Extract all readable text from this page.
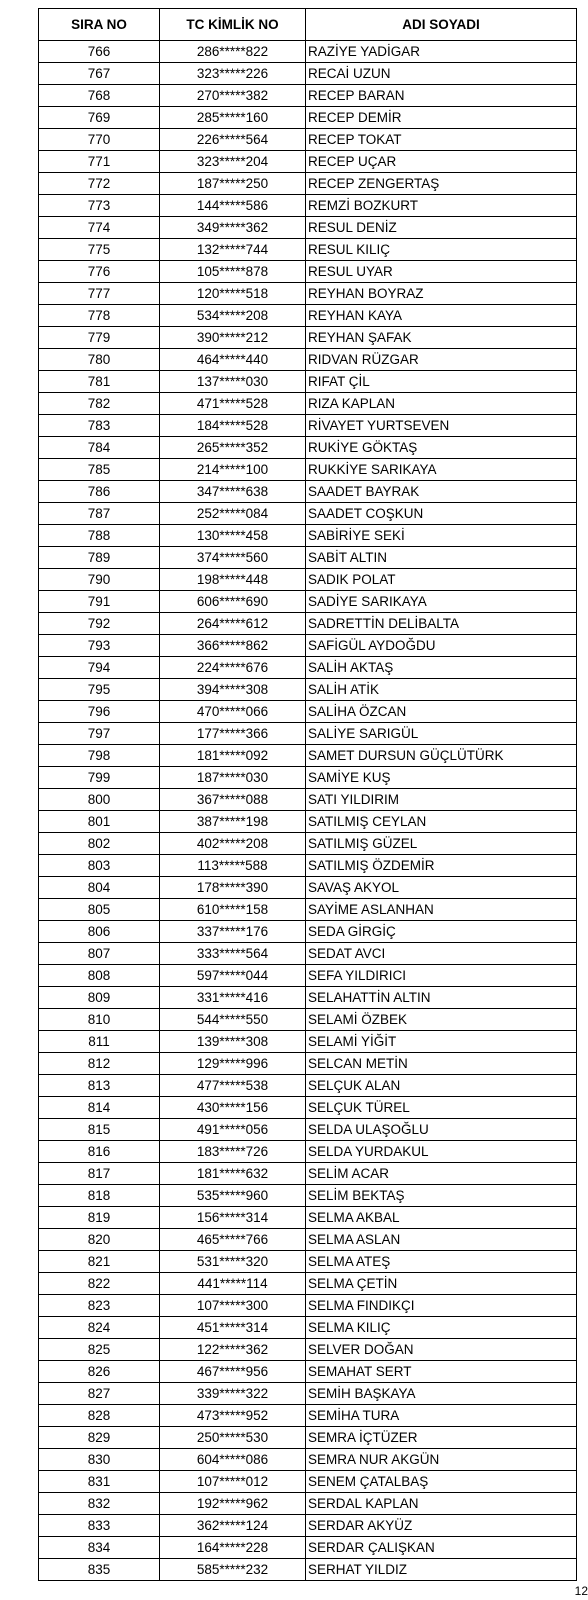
SIRA NO	TC KİMLİK NO	ADI SOYADI
766	286*****822	RAZİYE YADİGAR
767	323*****226	RECAİ UZUN
768	270*****382	RECEP BARAN
769	285*****160	RECEP DEMİR
770	226*****564	RECEP TOKAT
771	323*****204	RECEP UÇAR
772	187*****250	RECEP ZENGERTAŞ
773	144*****586	REMZİ BOZKURT
774	349*****362	RESUL DENİZ
775	132*****744	RESUL KILIÇ
776	105*****878	RESUL UYAR
777	120*****518	REYHAN BOYRAZ
778	534*****208	REYHAN KAYA
779	390*****212	REYHAN ŞAFAK
780	464*****440	RIDVAN RÜZGAR
781	137*****030	RIFAT ÇİL
782	471*****528	RIZA KAPLAN
783	184*****528	RİVAYET YURTSEVEN
784	265*****352	RUKİYE GÖKTAŞ
785	214*****100	RUKKİYE SARIKAYA
786	347*****638	SAADET BAYRAK
787	252*****084	SAADET COŞKUN
788	130*****458	SABİRİYE SEKİ
789	374*****560	SABİT ALTIN
790	198*****448	SADIK POLAT
791	606*****690	SADİYE SARIKAYA
792	264*****612	SADRETTİN DELİBALTA
793	366*****862	SAFİGÜL AYDOĞDU
794	224*****676	SALİH AKTAŞ
795	394*****308	SALİH ATİK
796	470*****066	SALİHA ÖZCAN
797	177*****366	SALİYE SARIGÜL
798	181*****092	SAMET DURSUN GÜÇLÜTÜRK
799	187*****030	SAMİYE KUŞ
800	367*****088	SATI YILDIRIM
801	387*****198	SATILMIŞ CEYLAN
802	402*****208	SATILMIŞ GÜZEL
803	113*****588	SATILMIŞ ÖZDEMİR
804	178*****390	SAVAŞ AKYOL
805	610*****158	SAYİME ASLANHAN
806	337*****176	SEDA GİRGİÇ
807	333*****564	SEDAT AVCI
808	597*****044	SEFA YILDIRICI
809	331*****416	SELAHATTİN ALTIN
810	544*****550	SELAMİ ÖZBEK
811	139*****308	SELAMİ YİĞİT
812	129*****996	SELCAN METİN
813	477*****538	SELÇUK ALAN
814	430*****156	SELÇUK TÜREL
815	491*****056	SELDA ULAŞOĞLU
816	183*****726	SELDA YURDAKUL
817	181*****632	SELİM ACAR
818	535*****960	SELİM BEKTAŞ
819	156*****314	SELMA AKBAL
820	465*****766	SELMA ASLAN
821	531*****320	SELMA ATEŞ
822	441*****114	SELMA ÇETİN
823	107*****300	SELMA FINDIKÇI
824	451*****314	SELMA KILIÇ
825	122*****362	SELVER DOĞAN
826	467*****956	SEMAHAT SERT
827	339*****322	SEMİH BAŞKAYA
828	473*****952	SEMİHA TURA
829	250*****530	SEMRA İÇTÜZER
830	604*****086	SEMRA NUR AKGÜN
831	107*****012	SENEM ÇATALBAŞ
832	192*****962	SERDAL KAPLAN
833	362*****124	SERDAR AKYÜZ
834	164*****228	SERDAR ÇALIŞKAN
835	585*****232	SERHAT YILDIZ
12
